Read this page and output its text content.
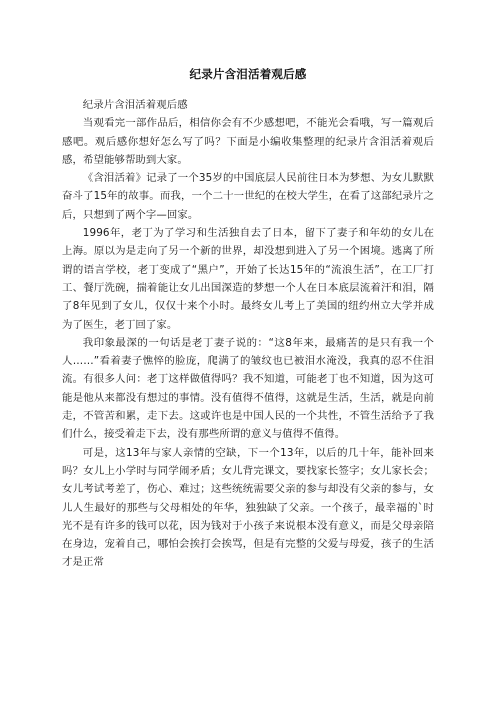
纪录片含泪活着观后感

纪录片含泪活着观后感

当观看完一部作品后，相信你会有不少感想吧，不能光会看哦，写一篇观后感吧。观后感你想好怎么写了吗？下面是小编收集整理的纪录片含泪活着观后感，希望能够帮助到大家。

《含泪活着》记录了一个35岁的中国底层人民前往日本为梦想、为女儿默默奋斗了15年的故事。而我，一个二十一世纪的在校大学生，在看了这部纪录片之后，只想到了两个字—回家。

1996年，老丁为了学习和生活独自去了日本，留下了妻子和年幼的女儿在上海。原以为是走向了另一个新的世界，却没想到进入了另一个困境。逃离了所谓的语言学校，老丁变成了“黑户”，开始了长达15年的“流浪生活”，在工厂打工、餐厅洗碗，揣着能让女儿出国深造的梦想一个人在日本底层流着汗和泪，隔了8年见到了女儿，仅仅十来个小时。最终女儿考上了美国的纽约州立大学并成为了医生，老丁回了家。

我印象最深的一句话是老丁妻子说的：“这8年来，最痛苦的是只有我一个人……”看着妻子憔悴的脸庞，爬满了的皱纹也已被泪水淹没，我真的忍不住泪流。有很多人问：老丁这样做值得吗？我不知道，可能老丁也不知道，因为这可能是他从来都没有想过的事情。没有值得不值得，这就是生活，生活，就是向前走，不管苦和累，走下去。这或许也是中国人民的一个共性，不管生活给予了我们什么，接受着走下去，没有那些所谓的意义与值得不值得。

可是，这13年与家人亲情的空缺，下一个13年，以后的几十年，能补回来吗？女儿上小学时与同学闹矛盾；女儿背完课文，要找家长签字；女儿家长会；女儿考试考差了，伤心、难过；这些统统需要父亲的参与却没有父亲的参与，女儿人生最好的那些与父母相处的年华，独独缺了父亲。一个孩子，最幸福的`时光不是有许多的钱可以花，因为钱对于小孩子来说根本没有意义，而是父母亲陪在身边，宠着自己，哪怕会挨打会挨骂，但是有完整的父爱与母爱，孩子的生活才是正常
